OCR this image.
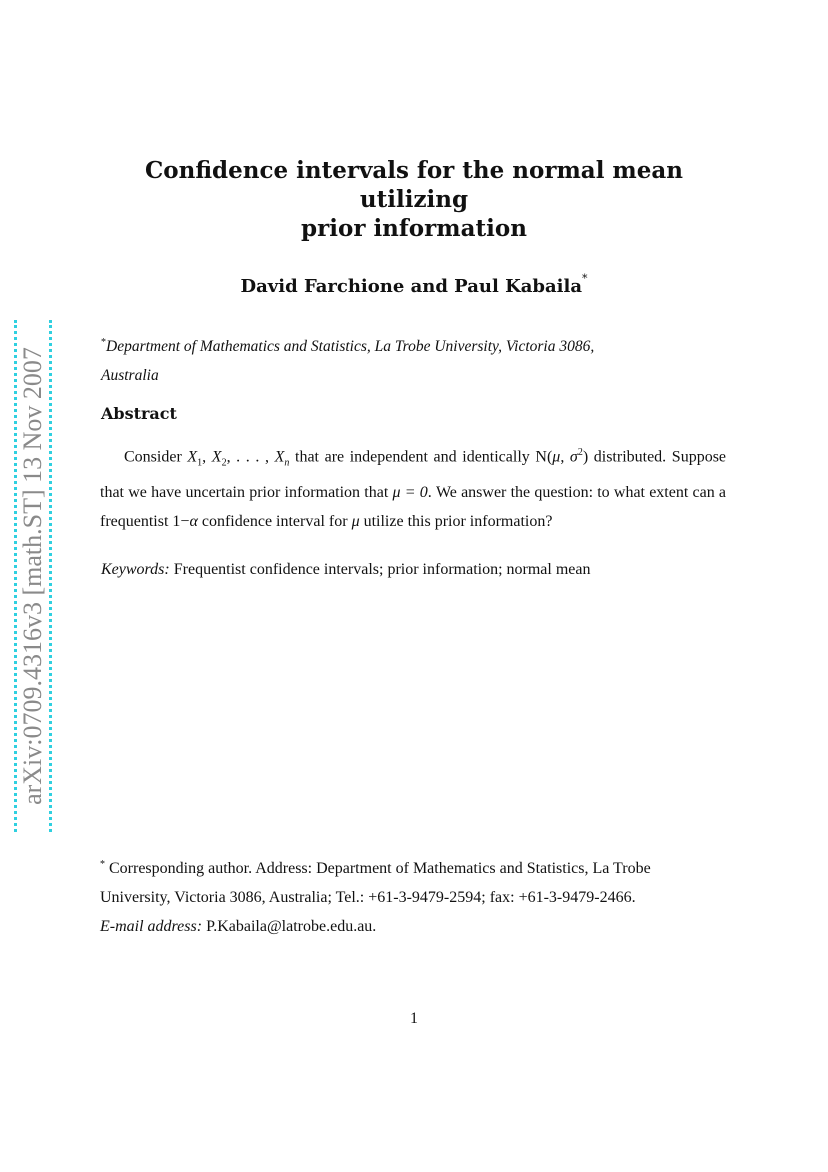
arXiv:0709.4316v3 [math.ST] 13 Nov 2007
Confidence intervals for the normal mean utilizing
prior information
David Farchione and Paul Kabaila*
*Department of Mathematics and Statistics, La Trobe University, Victoria 3086,
Australia
Abstract
Consider $X_1$, $X_2$, . . . , $X_n$ that are independent and identically N(μ, $\sigma^2$) distributed. Suppose that we have uncertain prior information that μ = 0. We answer the question: to what extent can a frequentist 1−α confidence interval for μ utilize this prior information?
Keywords: Frequentist confidence intervals; prior information; normal mean
* Corresponding author. Address: Department of Mathematics and Statistics, La Trobe
University, Victoria 3086, Australia; Tel.: +61-3-9479-2594; fax: +61-3-9479-2466.
E-mail address: P.Kabaila@latrobe.edu.au.
1
